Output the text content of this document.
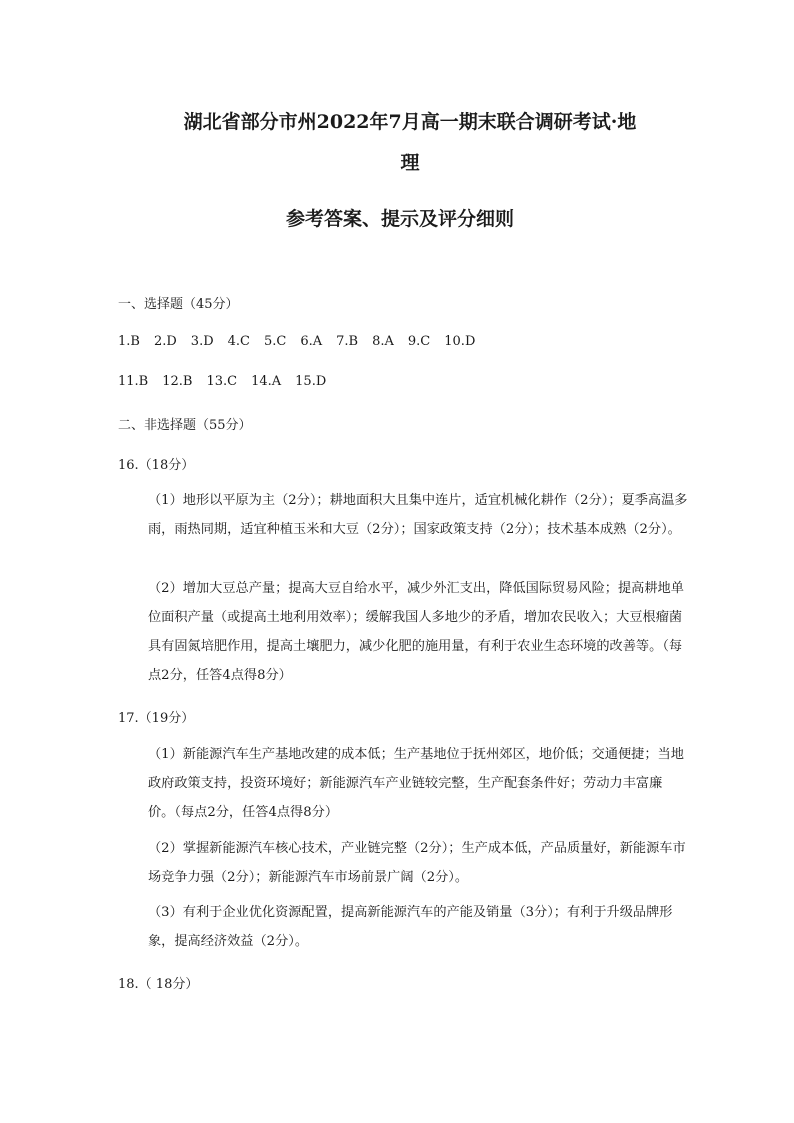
湖北省部分市州2022年7月高一期末联合调研考试·地
理
参考答案、提示及评分细则
一、选择题（45分）
1.B 2.D 3.D 4.C 5.C 6.A 7.B 8.A 9.C 10.D
11.B 12.B 13.C 14.A 15.D
二、非选择题（55分）
16.（18分）
（1）地形以平原为主（2分）；耕地面积大且集中连片，适宜机械化耕作（2分）；夏季高温多雨，雨热同期，适宜种植玉米和大豆（2分）；国家政策支持（2分）；技术基本成熟（2分）。
（2）增加大豆总产量；提高大豆自给水平，减少外汇支出，降低国际贸易风险；提高耕地单位面积产量（或提高土地利用效率）；缓解我国人多地少的矛盾，增加农民收入；大豆根瘤菌具有固氮培肥作用，提高土壤肥力，减少化肥的施用量，有利于农业生态环境的改善等。（每点2分，任答4点得8分）
17.（19分）
（1）新能源汽车生产基地改建的成本低；生产基地位于抚州郊区，地价低；交通便捷；当地政府政策支持，投资环境好；新能源汽车产业链较完整，生产配套条件好；劳动力丰富廉价。（每点2分，任答4点得8分）
（2）掌握新能源汽车核心技术，产业链完整（2分）；生产成本低，产品质量好，新能源车市场竞争力强（2分）；新能源汽车市场前景广阔（2分）。
（3）有利于企业优化资源配置，提高新能源汽车的产能及销量（3分）；有利于升级品牌形象，提高经济效益（2分）。
18.（ 18分）
